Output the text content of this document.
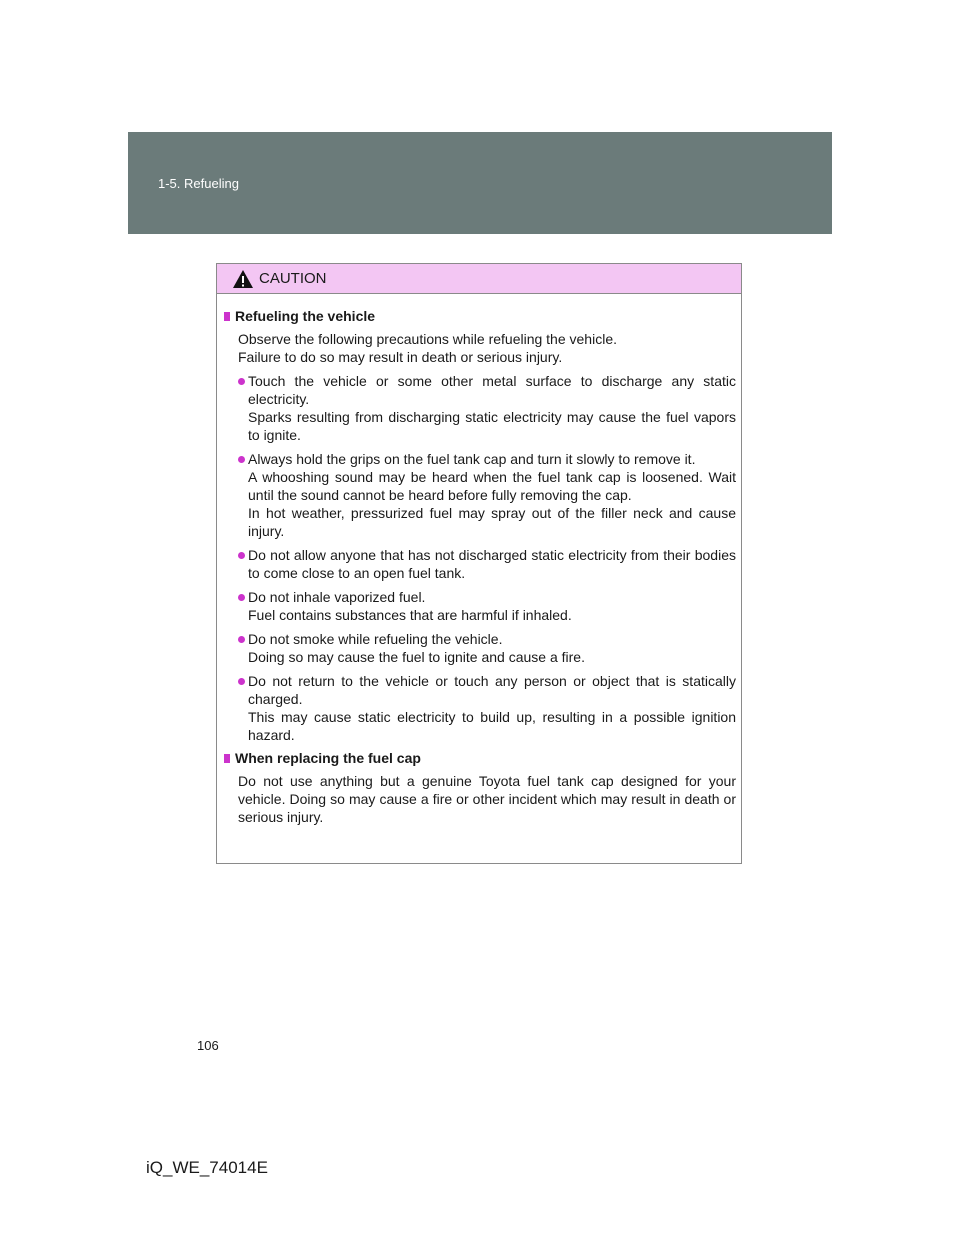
1-5. Refueling
CAUTION
Refueling the vehicle
Observe the following precautions while refueling the vehicle.
Failure to do so may result in death or serious injury.
Touch the vehicle or some other metal surface to discharge any static electricity.
Sparks resulting from discharging static electricity may cause the fuel vapors to ignite.
Always hold the grips on the fuel tank cap and turn it slowly to remove it.
A whooshing sound may be heard when the fuel tank cap is loosened. Wait until the sound cannot be heard before fully removing the cap.
In hot weather, pressurized fuel may spray out of the filler neck and cause injury.
Do not allow anyone that has not discharged static electricity from their bodies to come close to an open fuel tank.
Do not inhale vaporized fuel.
Fuel contains substances that are harmful if inhaled.
Do not smoke while refueling the vehicle.
Doing so may cause the fuel to ignite and cause a fire.
Do not return to the vehicle or touch any person or object that is statically charged.
This may cause static electricity to build up, resulting in a possible ignition hazard.
When replacing the fuel cap
Do not use anything but a genuine Toyota fuel tank cap designed for your vehicle. Doing so may cause a fire or other incident which may result in death or serious injury.
106
iQ_WE_74014E
